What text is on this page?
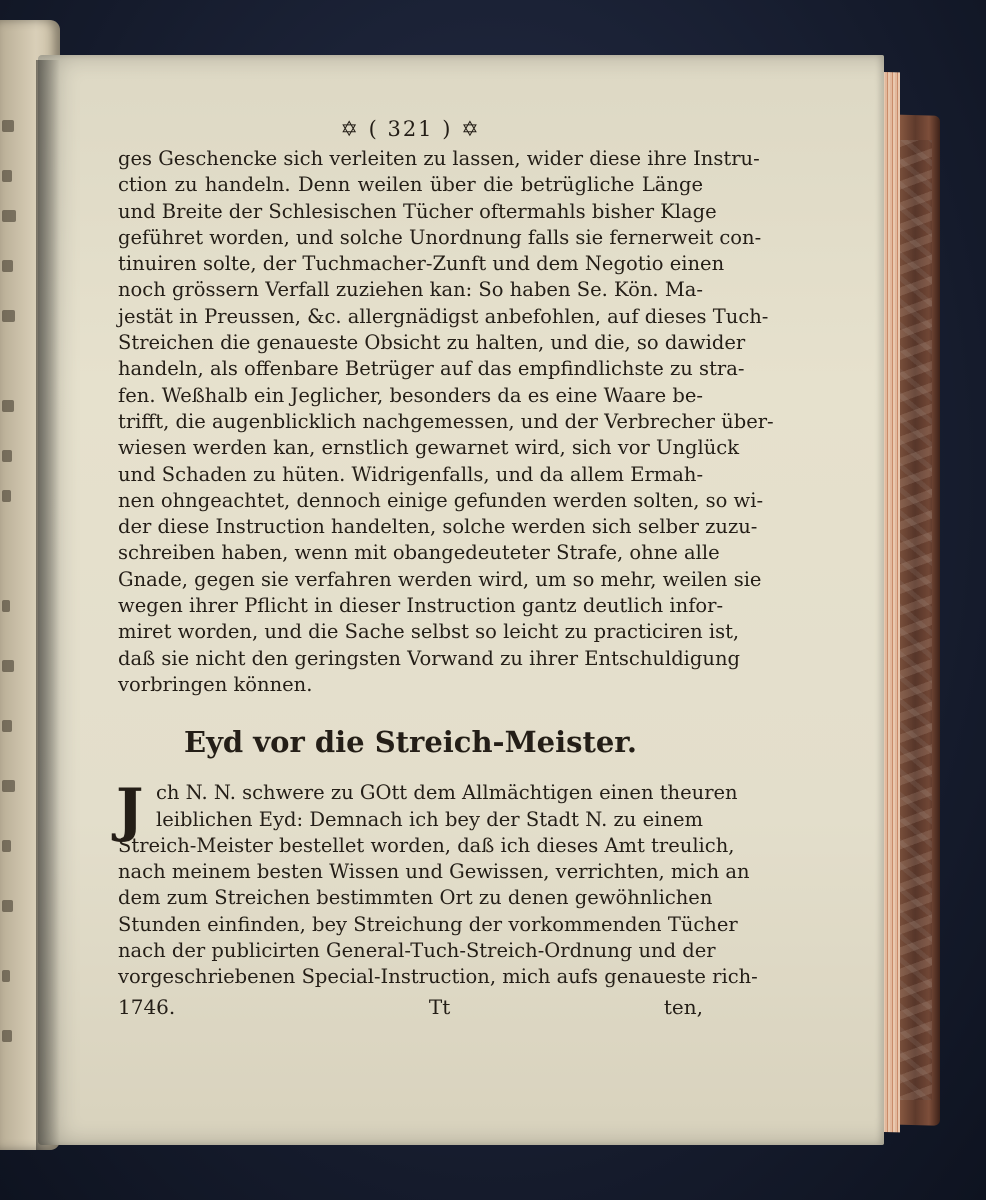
✡ ( 321 ) ✡
ges Geschencke sich verleiten zu lassen, wider diese ihre Instru-
ction zu handeln. Denn weilen über die betrügliche Länge
und Breite der Schlesischen Tücher oftermahls bisher Klage
geführet worden, und solche Unordnung falls sie fernerweit con-
tinuiren solte, der Tuchmacher-Zunft und dem Negotio einen
noch grössern Verfall zuziehen kan: So haben Se. Kön. Ma-
jestät in Preussen, &c. allergnädigst anbefohlen, auf dieses Tuch-
Streichen die genaueste Obsicht zu halten, und die, so dawider
handeln, als offenbare Betrüger auf das empfindlichste zu stra-
fen. Weßhalb ein Jeglicher, besonders da es eine Waare be-
trifft, die augenblicklich nachgemessen, und der Verbrecher über-
wiesen werden kan, ernstlich gewarnet wird, sich vor Unglück
und Schaden zu hüten. Widrigenfalls, und da allem Ermah-
nen ohngeachtet, dennoch einige gefunden werden solten, so wi-
der diese Instruction handelten, solche werden sich selber zuzu-
schreiben haben, wenn mit obangedeuteter Strafe, ohne alle
Gnade, gegen sie verfahren werden wird, um so mehr, weilen sie
wegen ihrer Pflicht in dieser Instruction gantz deutlich infor-
miret worden, und die Sache selbst so leicht zu practiciren ist,
daß sie nicht den geringsten Vorwand zu ihrer Entschuldigung
vorbringen können.
Eyd vor die Streich-Meister.
J ch N. N. schwere zu GOtt dem Allmächtigen einen theuren
leiblichen Eyd: Demnach ich bey der Stadt N. zu einem
Streich-Meister bestellet worden, daß ich dieses Amt treulich,
nach meinem besten Wissen und Gewissen, verrichten, mich an
dem zum Streichen bestimmten Ort zu denen gewöhnlichen
Stunden einfinden, bey Streichung der vorkommenden Tücher
nach der publicirten General-Tuch-Streich-Ordnung und der
vorgeschriebenen Special-Instruction, mich aufs genaueste rich-
1746.	Tt	ten,
